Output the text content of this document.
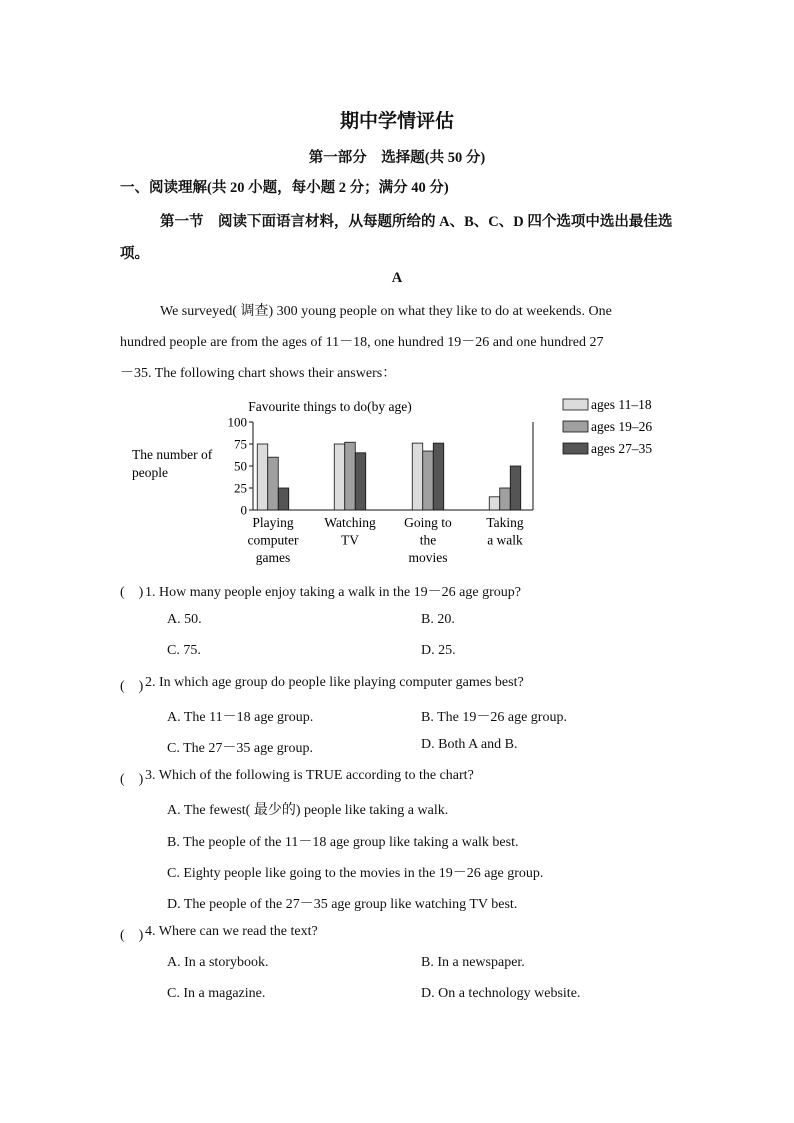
期中学情评估
第一部分　选择题(共 50 分)
一、阅读理解(共 20 小题，每小题 2 分；满分 40 分)
第一节　阅读下面语言材料，从每题所给的 A、B、C、D 四个选项中选出最佳选项。
A
We surveyed( 调查) 300 young people on what they like to do at weekends. One
hundred people are from the ages of 11－18, one hundred 19－26 and one hundred 27
－35. The following chart shows their answers：
Favourite things to do(by age)
The number of
people
0
25
50
75
100
Playing
computer
games
Watching
TV
Going to
the
movies
Taking
a walk
ages 11–18
ages 19–26
ages 27–35
(　) 1. How many people enjoy taking a walk in the 19－26 age group?
A. 50.	B. 20.
C. 75.	D. 25.
(　) 2. In which age group do people like playing computer games best?
A. The 11－18 age group.	B. The 19－26 age group.
C. The 27－35 age group.	D. Both A and B.
(　) 3. Which of the following is TRUE according to the chart?
A. The fewest( 最少的) people like taking a walk.
B. The people of the 11－18 age group like taking a walk best.
C. Eighty people like going to the movies in the 19－26 age group.
D. The people of the 27－35 age group like watching TV best.
(　) 4. Where can we read the text?
A. In a storybook.	B. In a newspaper.
C. In a magazine.	D. On a technology website.
